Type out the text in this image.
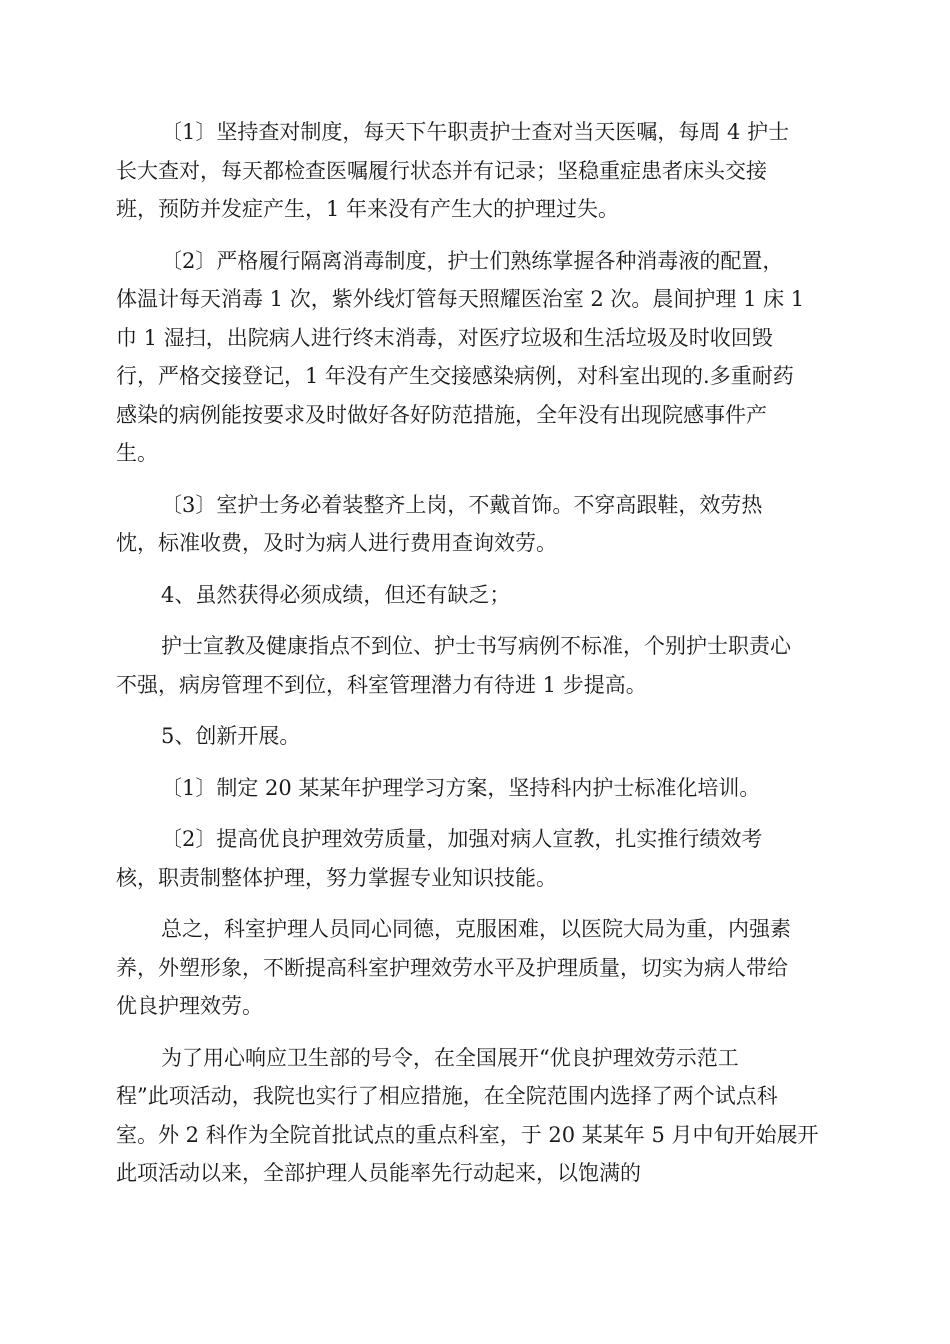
〔1〕坚持查对制度，每天下午职责护士查对当天医嘱，每周 4 护士
长大查对，每天都检查医嘱履行状态并有记录；坚稳重症患者床头交接
班，预防并发症产生，1 年来没有产生大的护理过失。
〔2〕严格履行隔离消毒制度，护士们熟练掌握各种消毒液的配置，
体温计每天消毒 1 次，紫外线灯管每天照耀医治室 2 次。晨间护理 1 床 1
巾 1 湿扫，出院病人进行终末消毒，对医疗垃圾和生活垃圾及时收回毁
行，严格交接登记，1 年没有产生交接感染病例，对科室出现的.多重耐药
感染的病例能按要求及时做好各好防范措施，全年没有出现院感事件产
生。
〔3〕室护士务必着装整齐上岗，不戴首饰。不穿高跟鞋，效劳热
忱，标准收费，及时为病人进行费用查询效劳。
4、虽然获得必须成绩，但还有缺乏；
护士宣教及健康指点不到位、护士书写病例不标准，个别护士职责心
不强，病房管理不到位，科室管理潜力有待进 1 步提高。
5、创新开展。
〔1〕制定 20 某某年护理学习方案，坚持科内护士标准化培训。
〔2〕提高优良护理效劳质量，加强对病人宣教，扎实推行绩效考
核，职责制整体护理，努力掌握专业知识技能。
总之，科室护理人员同心同德，克服困难，以医院大局为重，内强素
养，外塑形象，不断提高科室护理效劳水平及护理质量，切实为病人带给
优良护理效劳。
为了用心响应卫生部的号令，在全国展开“优良护理效劳示范工
程”此项活动，我院也实行了相应措施，在全院范围内选择了两个试点科
室。外 2 科作为全院首批试点的重点科室，于 20 某某年 5 月中旬开始展开
此项活动以来，全部护理人员能率先行动起来，以饱满的
